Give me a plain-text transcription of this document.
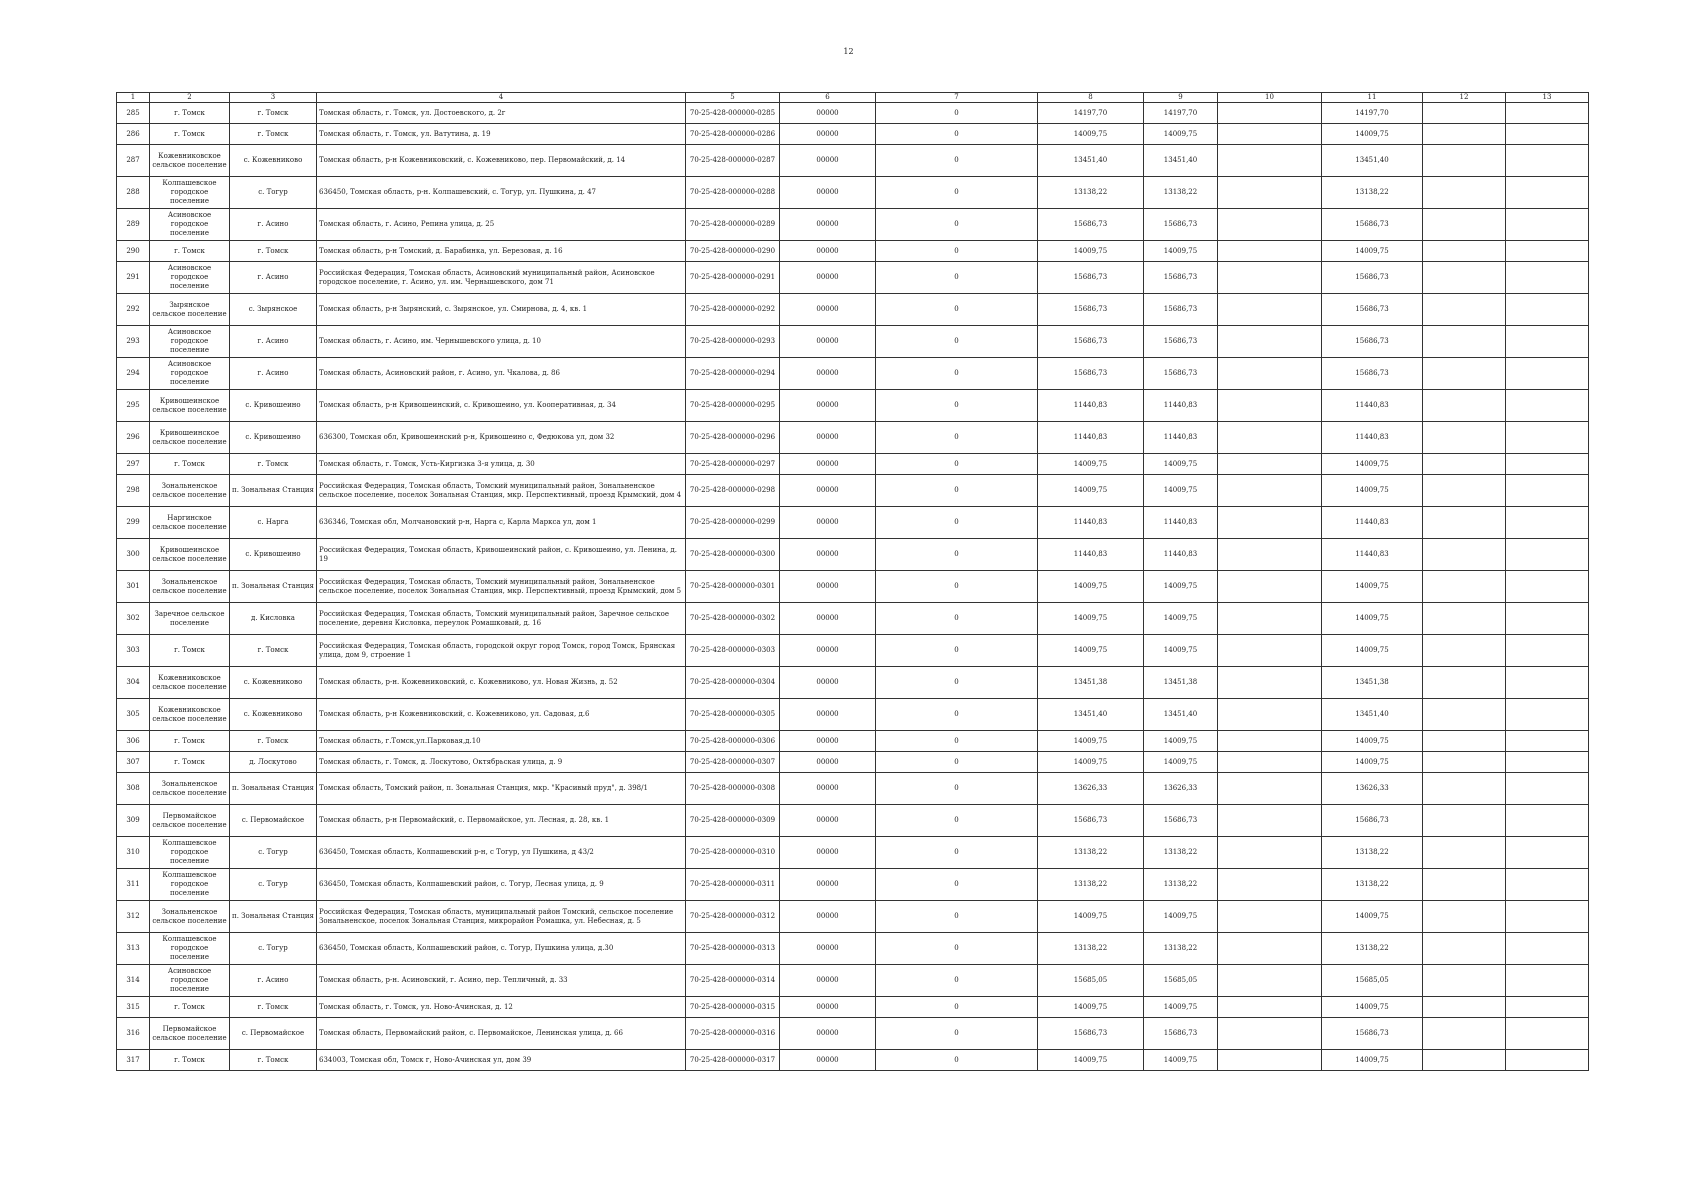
12
1	2	3	4	5	6	7	8	9	10	11	12	13
285	г. Томск	г. Томск	Томская область, г. Томск, ул. Достоевского, д. 2г	70-25-428-000000-0285	00000	0	14197,70	14197,70		14197,70		
286	г. Томск	г. Томск	Томская область, г. Томск, ул. Ватутина, д. 19	70-25-428-000000-0286	00000	0	14009,75	14009,75		14009,75		
287	Кожевниковское сельское поселение	с. Кожевниково	Томская область, р-н Кожевниковский, с. Кожевниково, пер. Первомайский, д. 14	70-25-428-000000-0287	00000	0	13451,40	13451,40		13451,40		
288	Колпашевское городское поселение	с. Тогур	636450, Томская область, р-н. Колпашевский, с. Тогур, ул. Пушкина, д. 47	70-25-428-000000-0288	00000	0	13138,22	13138,22		13138,22		
289	Асиновское городское поселение	г. Асино	Томская область, г. Асино, Репина улица, д. 25	70-25-428-000000-0289	00000	0	15686,73	15686,73		15686,73		
290	г. Томск	г. Томск	Томская область, р-н Томский, д. Барабинка, ул. Березовая, д. 16	70-25-428-000000-0290	00000	0	14009,75	14009,75		14009,75		
291	Асиновское городское поселение	г. Асино	Российская Федерация, Томская область, Асиновский муниципальный район, Асиновское городское поселение, г. Асино, ул. им. Чернышевского, дом 71	70-25-428-000000-0291	00000	0	15686,73	15686,73		15686,73		
292	Зырянское сельское поселение	с. Зырянское	Томская область, р-н Зырянский, с. Зырянское, ул. Смирнова, д. 4, кв. 1	70-25-428-000000-0292	00000	0	15686,73	15686,73		15686,73		
293	Асиновское городское поселение	г. Асино	Томская область, г. Асино, им. Чернышевского улица, д. 10	70-25-428-000000-0293	00000	0	15686,73	15686,73		15686,73		
294	Асиновское городское поселение	г. Асино	Томская область, Асиновский район, г. Асино, ул. Чкалова, д. 86	70-25-428-000000-0294	00000	0	15686,73	15686,73		15686,73		
295	Кривошеинское сельское поселение	с. Кривошеино	Томская область, р-н Кривошеинский, с. Кривошеино, ул. Кооперативная, д. 34	70-25-428-000000-0295	00000	0	11440,83	11440,83		11440,83		
296	Кривошеинское сельское поселение	с. Кривошеино	636300, Томская обл, Кривошеинский р-н, Кривошеино с, Федюкова ул, дом 32	70-25-428-000000-0296	00000	0	11440,83	11440,83		11440,83		
297	г. Томск	г. Томск	Томская область, г. Томск, Усть-Киргизка 3-я улица, д. 30	70-25-428-000000-0297	00000	0	14009,75	14009,75		14009,75		
298	Зональненское сельское поселение	п. Зональная Станция	Российская Федерация, Томская область, Томский муниципальный район, Зональненское сельское поселение, поселок Зональная Станция, мкр. Перспективный, проезд Крымский, дом 4	70-25-428-000000-0298	00000	0	14009,75	14009,75		14009,75		
299	Наргинское сельское поселение	с. Нарга	636346, Томская обл, Молчановский р-н, Нарга с, Карла Маркса ул, дом 1	70-25-428-000000-0299	00000	0	11440,83	11440,83		11440,83		
300	Кривошеинское сельское поселение	с. Кривошеино	Российская Федерация, Томская область, Кривошеинский район, с. Кривошеино, ул. Ленина, д. 19	70-25-428-000000-0300	00000	0	11440,83	11440,83		11440,83		
301	Зональненское сельское поселение	п. Зональная Станция	Российская Федерация, Томская область, Томский муниципальный район, Зональненское сельское поселение, поселок Зональная Станция, мкр. Перспективный, проезд Крымский, дом 5	70-25-428-000000-0301	00000	0	14009,75	14009,75		14009,75		
302	Заречное сельское поселение	д. Кисловка	Российская Федерация, Томская область, Томский муниципальный район, Заречное сельское поселение, деревня Кисловка, переулок Ромашковый, д. 16	70-25-428-000000-0302	00000	0	14009,75	14009,75		14009,75		
303	г. Томск	г. Томск	Российская Федерация, Томская область, городской округ город Томск, город Томск, Брянская улица, дом 9, строение 1	70-25-428-000000-0303	00000	0	14009,75	14009,75		14009,75		
304	Кожевниковское сельское поселение	с. Кожевниково	Томская область, р-н. Кожевниковский, с. Кожевниково, ул. Новая Жизнь, д. 52	70-25-428-000000-0304	00000	0	13451,38	13451,38		13451,38		
305	Кожевниковское сельское поселение	с. Кожевниково	Томская область, р-н Кожевниковский, с. Кожевниково, ул. Садовая, д.6	70-25-428-000000-0305	00000	0	13451,40	13451,40		13451,40		
306	г. Томск	г. Томск	Томская область, г.Томск,ул.Парковая,д.10	70-25-428-000000-0306	00000	0	14009,75	14009,75		14009,75		
307	г. Томск	д. Лоскутово	Томская область, г. Томск, д. Лоскутово, Октябрьская улица, д. 9	70-25-428-000000-0307	00000	0	14009,75	14009,75		14009,75		
308	Зональненское сельское поселение	п. Зональная Станция	Томская область, Томский район, п. Зональная Станция, мкр. "Красивый пруд", д. 398/1	70-25-428-000000-0308	00000	0	13626,33	13626,33		13626,33		
309	Первомайское сельское поселение	с. Первомайское	Томская область, р-н Первомайский, с. Первомайское, ул. Лесная, д. 28, кв. 1	70-25-428-000000-0309	00000	0	15686,73	15686,73		15686,73		
310	Колпашевское городское поселение	с. Тогур	636450, Томская область, Колпашевский р-н, с Тогур, ул Пушкина, д 43/2	70-25-428-000000-0310	00000	0	13138,22	13138,22		13138,22		
311	Колпашевское городское поселение	с. Тогур	636450, Томская область, Колпашевский район, с. Тогур, Лесная улица, д. 9	70-25-428-000000-0311	00000	0	13138,22	13138,22		13138,22		
312	Зональненское сельское поселение	п. Зональная Станция	Российская Федерация, Томская область, муниципальный район Томский, сельское поселение Зональненское, поселок Зональная Станция, микрорайон Ромашка, ул. Небесная, д. 5	70-25-428-000000-0312	00000	0	14009,75	14009,75		14009,75		
313	Колпашевское городское поселение	с. Тогур	636450, Томская область, Колпашевский район, с. Тогур, Пушкина улица, д.30	70-25-428-000000-0313	00000	0	13138,22	13138,22		13138,22		
314	Асиновское городское поселение	г. Асино	Томская область, р-н. Асиновский, г. Асино, пер. Тепличный, д. 33	70-25-428-000000-0314	00000	0	15685,05	15685,05		15685,05		
315	г. Томск	г. Томск	Томская область, г. Томск, ул. Ново-Ачинская, д. 12	70-25-428-000000-0315	00000	0	14009,75	14009,75		14009,75		
316	Первомайское сельское поселение	с. Первомайское	Томская область, Первомайский район, с. Первомайское, Ленинская улица, д. 66	70-25-428-000000-0316	00000	0	15686,73	15686,73		15686,73		
317	г. Томск	г. Томск	634003, Томская обл, Томск г, Ново-Ачинская ул, дом 39	70-25-428-000000-0317	00000	0	14009,75	14009,75		14009,75		
